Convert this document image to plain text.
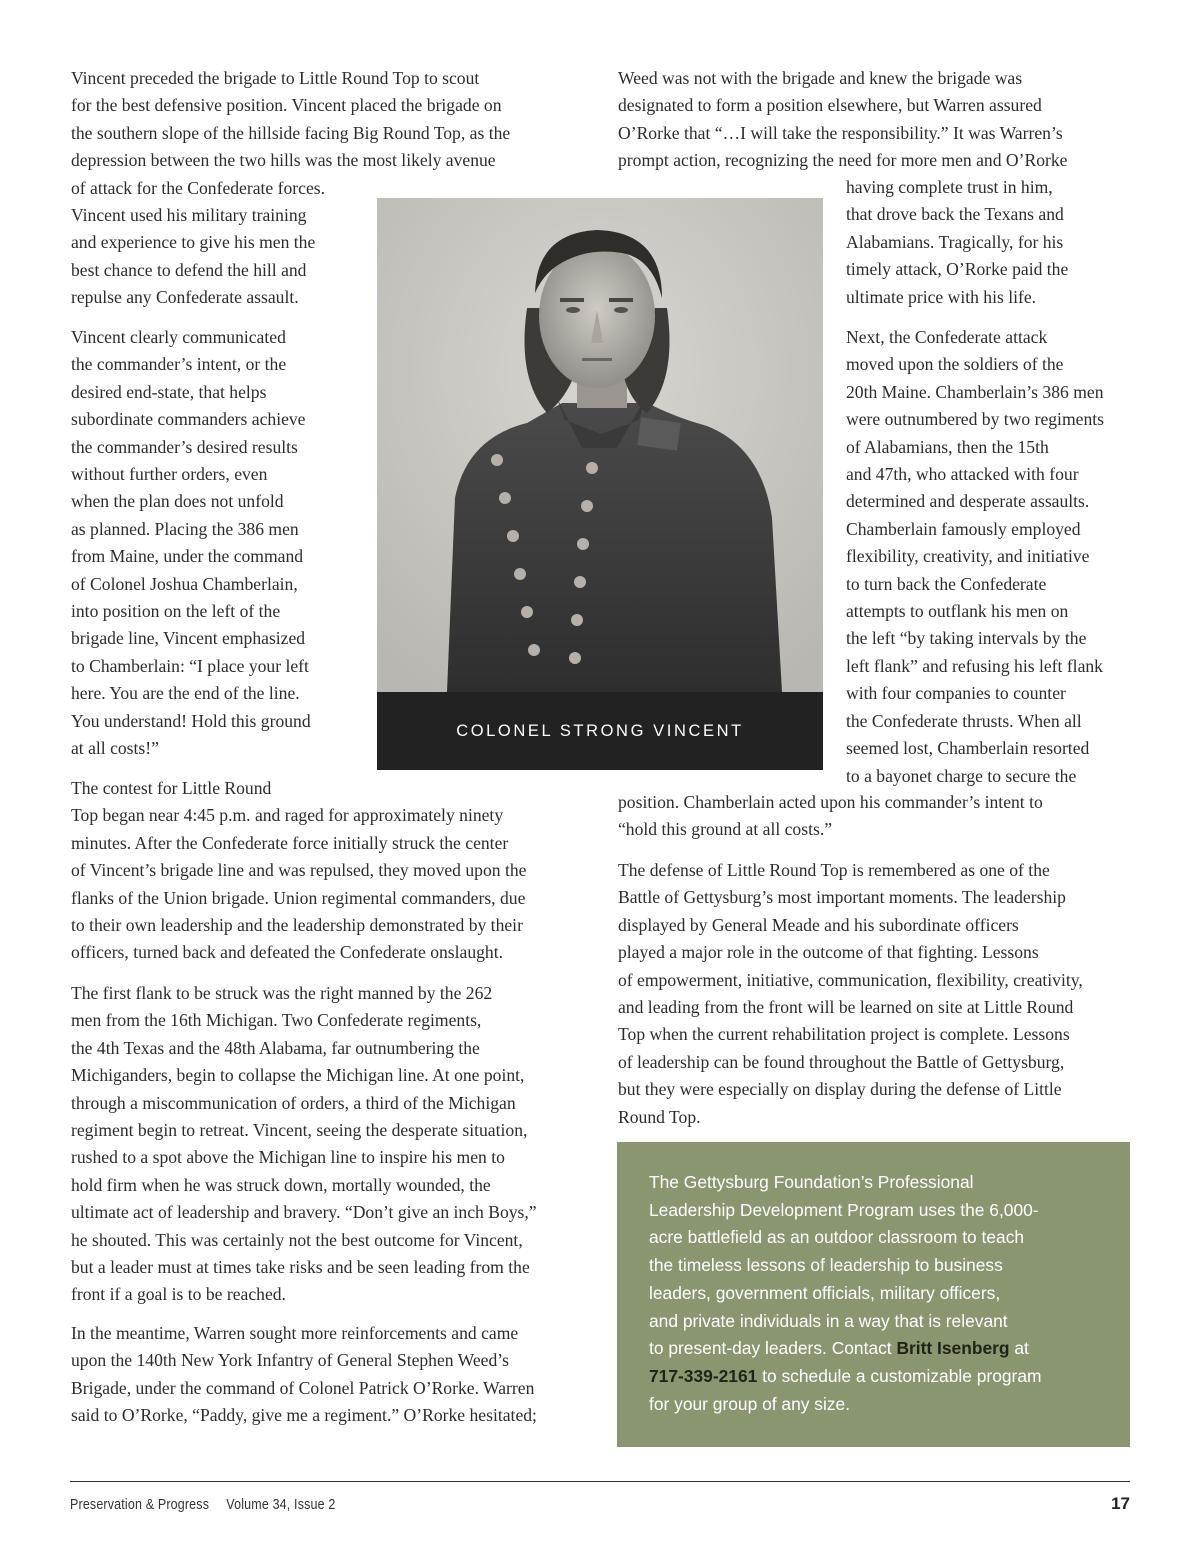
Vincent preceded the brigade to Little Round Top to scout
for the best defensive position. Vincent placed the brigade on
the southern slope of the hillside facing Big Round Top, as the
depression between the two hills was the most likely avenue
of attack for the Confederate forces.
Vincent used his military training
and experience to give his men the
best chance to defend the hill and
repulse any Confederate assault.

Vincent clearly communicated
the commander’s intent, or the
desired end-state, that helps
subordinate commanders achieve
the commander’s desired results
without further orders, even
when the plan does not unfold
as planned. Placing the 386 men
from Maine, under the command
of Colonel Joshua Chamberlain,
into position on the left of the
brigade line, Vincent emphasized
to Chamberlain: “I place your left
here. You are the end of the line.
You understand! Hold this ground
at all costs!”

The contest for Little Round
Top began near 4:45 p.m. and raged for approximately ninety
minutes. After the Confederate force initially struck the center
of Vincent’s brigade line and was repulsed, they moved upon the
flanks of the Union brigade. Union regimental commanders, due
to their own leadership and the leadership demonstrated by their
officers, turned back and defeated the Confederate onslaught.

The first flank to be struck was the right manned by the 262
men from the 16th Michigan. Two Confederate regiments,
the 4th Texas and the 48th Alabama, far outnumbering the
Michiganders, begin to collapse the Michigan line. At one point,
through a miscommunication of orders, a third of the Michigan
regiment begin to retreat. Vincent, seeing the desperate situation,
rushed to a spot above the Michigan line to inspire his men to
hold firm when he was struck down, mortally wounded, the
ultimate act of leadership and bravery. “Don’t give an inch Boys,”
he shouted. This was certainly not the best outcome for Vincent,
but a leader must at times take risks and be seen leading from the
front if a goal is to be reached.

In the meantime, Warren sought more reinforcements and came
upon the 140th New York Infantry of General Stephen Weed’s
Brigade, under the command of Colonel Patrick O’Rorke. Warren
said to O’Rorke, “Paddy, give me a regiment.” O’Rorke hesitated;

Weed was not with the brigade and knew the brigade was
designated to form a position elsewhere, but Warren assured
O’Rorke that “…I will take the responsibility.” It was Warren’s
prompt action, recognizing the need for more men and O’Rorke

having complete trust in him,
that drove back the Texans and
Alabamians. Tragically, for his
timely attack, O’Rorke paid the
ultimate price with his life.

Next, the Confederate attack
moved upon the soldiers of the
20th Maine. Chamberlain’s 386 men
were outnumbered by two regiments
of Alabamians, then the 15th
and 47th, who attacked with four
determined and desperate assaults.
Chamberlain famously employed
flexibility, creativity, and initiative
to turn back the Confederate
attempts to outflank his men on
the left “by taking intervals by the
left flank” and refusing his left flank
with four companies to counter
the Confederate thrusts. When all
seemed lost, Chamberlain resorted
to a bayonet charge to secure the

position. Chamberlain acted upon his commander’s intent to
“hold this ground at all costs.”

The defense of Little Round Top is remembered as one of the
Battle of Gettysburg’s most important moments. The leadership
displayed by General Meade and his subordinate officers
played a major role in the outcome of that fighting. Lessons
of empowerment, initiative, communication, flexibility, creativity,
and leading from the front will be learned on site at Little Round
Top when the current rehabilitation project is complete. Lessons
of leadership can be found throughout the Battle of Gettysburg,
but they were especially on display during the defense of Little
Round Top.

COLONEL STRONG VINCENT

The Gettysburg Foundation’s Professional
Leadership Development Program uses the 6,000-
acre battlefield as an outdoor classroom to teach
the timeless lessons of leadership to business
leaders, government officials, military officers,
and private individuals in a way that is relevant
to present-day leaders. Contact Britt Isenberg at
717-339-2161 to schedule a customizable program
for your group of any size.

Preservation & Progress Volume 34, Issue 2	17
